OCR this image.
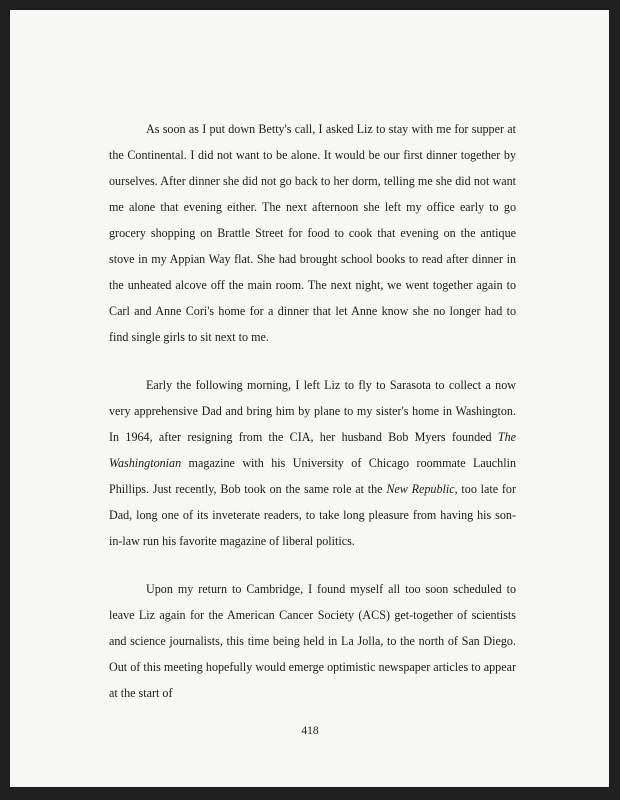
As soon as I put down Betty's call, I asked Liz to stay with me for supper at the Continental. I did not want to be alone. It would be our first dinner together by ourselves. After dinner she did not go back to her dorm, telling me she did not want me alone that evening either. The next afternoon she left my office early to go grocery shopping on Brattle Street for food to cook that evening on the antique stove in my Appian Way flat. She had brought school books to read after dinner in the unheated alcove off the main room. The next night, we went together again to Carl and Anne Cori's home for a dinner that let Anne know she no longer had to find single girls to sit next to me.

Early the following morning, I left Liz to fly to Sarasota to collect a now very apprehensive Dad and bring him by plane to my sister's home in Washington. In 1964, after resigning from the CIA, her husband Bob Myers founded The Washingtonian magazine with his University of Chicago roommate Lauchlin Phillips. Just recently, Bob took on the same role at the New Republic, too late for Dad, long one of its inveterate readers, to take long pleasure from having his son-in-law run his favorite magazine of liberal politics.

Upon my return to Cambridge, I found myself all too soon scheduled to leave Liz again for the American Cancer Society (ACS) get-together of scientists and science journalists, this time being held in La Jolla, to the north of San Diego. Out of this meeting hopefully would emerge optimistic newspaper articles to appear at the start of

418
